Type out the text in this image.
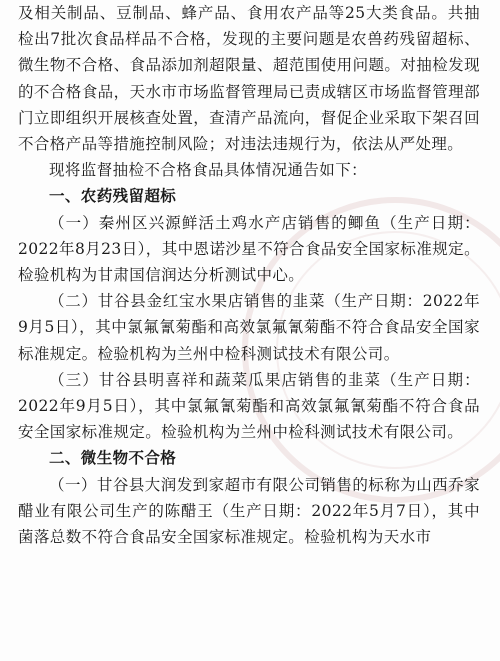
及相关制品、豆制品、蜂产品、食用农产品等25大类食品。共抽检出7批次食品样品不合格，发现的主要问题是农兽药残留超标、微生物不合格、食品添加剂超限量、超范围使用问题。对抽检发现的不合格食品，天水市市场监督管理局已责成辖区市场监督管理部门立即组织开展核查处置，查清产品流向，督促企业采取下架召回不合格产品等措施控制风险；对违法违规行为，依法从严处理。

现将监督抽检不合格食品具体情况通告如下：

一、农药残留超标

（一）秦州区兴源鲜活土鸡水产店销售的鲫鱼（生产日期：2022年8月23日），其中恩诺沙星不符合食品安全国家标准规定。检验机构为甘肃国信润达分析测试中心。

（二）甘谷县金红宝水果店销售的韭菜（生产日期：2022年9月5日），其中氯氟氰菊酯和高效氯氟氰菊酯不符合食品安全国家标准规定。检验机构为兰州中检科测试技术有限公司。

（三）甘谷县明喜祥和蔬菜瓜果店销售的韭菜（生产日期：2022年9月5日），其中氯氟氰菊酯和高效氯氟氰菊酯不符合食品安全国家标准规定。检验机构为兰州中检科测试技术有限公司。

二、微生物不合格

（一）甘谷县大润发到家超市有限公司销售的标称为山西乔家醋业有限公司生产的陈醋王（生产日期：2022年5月7日），其中菌落总数不符合食品安全国家标准规定。检验机构为天水市
